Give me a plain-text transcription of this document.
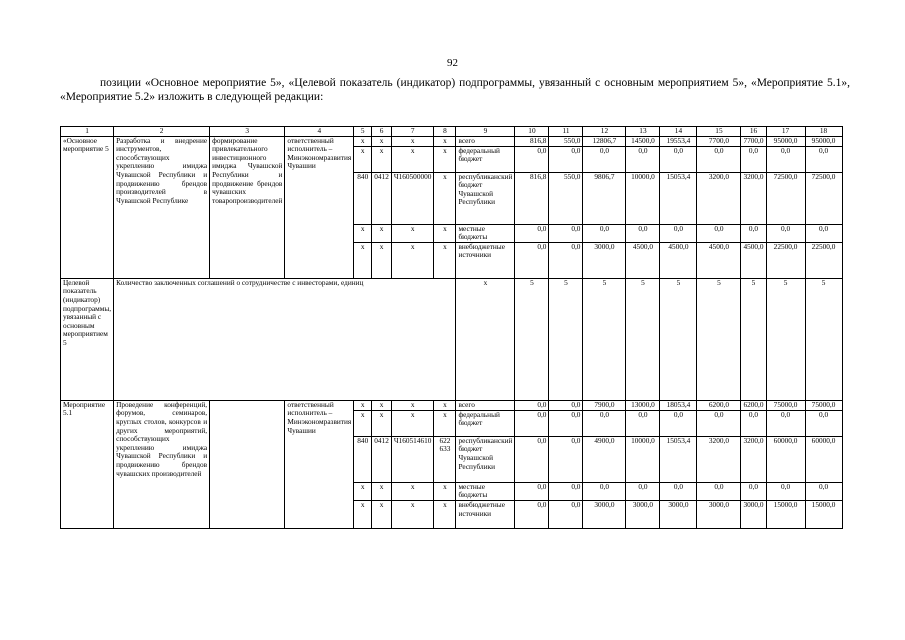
92
позиции «Основное мероприятие 5», «Целевой показатель (индикатор) подпрограммы, увязанный с основным мероприятием 5», «Мероприятие 5.1», «Мероприятие 5.2» изложить в следующей редакции:
1	2	3	4	5	6	7	8	9	10	11	12	13	14	15	16	17	18
«Основное мероприятие 5	Разработка и внедрение инструментов, способствующих укреплению имиджа Чувашской Республики и продвижению брендов производителей в Чувашской Республике	формирование привлекательного инвестиционного имиджа Чувашской Республики и продвижение брендов чувашских товаропроизводителей	ответственный исполнитель – Минэкономразвития Чувашии	x	x	x	x	всего	816,8	550,0	12806,7	14500,0	19553,4	7700,0	7700,0	95000,0	95000,0
				x	x	x	x	федеральный бюджет	0,0	0,0	0,0	0,0	0,0	0,0	0,0	0,0	0,0
				840	0412	Ч160500000	x	республиканский бюджет Чувашской Республики	816,8	550,0	9806,7	10000,0	15053,4	3200,0	3200,0	72500,0	72500,0
				x	x	x	x	местные бюджеты	0,0	0,0	0,0	0,0	0,0	0,0	0,0	0,0	0,0
				x	x	x	x	внебюджетные источники	0,0	0,0	3000,0	4500,0	4500,0	4500,0	4500,0	22500,0	22500,0
Целевой показатель (индикатор) подпрограммы, увязанный с основным мероприятием 5	Количество заключенных соглашений о сотрудничестве с инвесторами, единиц							x	5	5	5	5	5	5	5	5	5
Мероприятие 5.1	Проведение конференций, форумов, семинаров, круглых столов, конкурсов и других мероприятий, способствующих укреплению имиджа Чувашской Республики и продвижению брендов чувашских производителей		ответственный исполнитель – Минэкономразвития Чувашии	x	x	x	x	всего	0,0	0,0	7900,0	13000,0	18053,4	6200,0	6200,0	75000,0	75000,0
				x	x	x	x	федеральный бюджет	0,0	0,0	0,0	0,0	0,0	0,0	0,0	0,0	0,0
				840	0412	Ч160514610	622 633	республиканский бюджет Чувашской Республики	0,0	0,0	4900,0	10000,0	15053,4	3200,0	3200,0	60000,0	60000,0
				x	x	x	x	местные бюджеты	0,0	0,0	0,0	0,0	0,0	0,0	0,0	0,0	0,0
				x	x	x	x	внебюджетные источники	0,0	0,0	3000,0	3000,0	3000,0	3000,0	3000,0	15000,0	15000,0
